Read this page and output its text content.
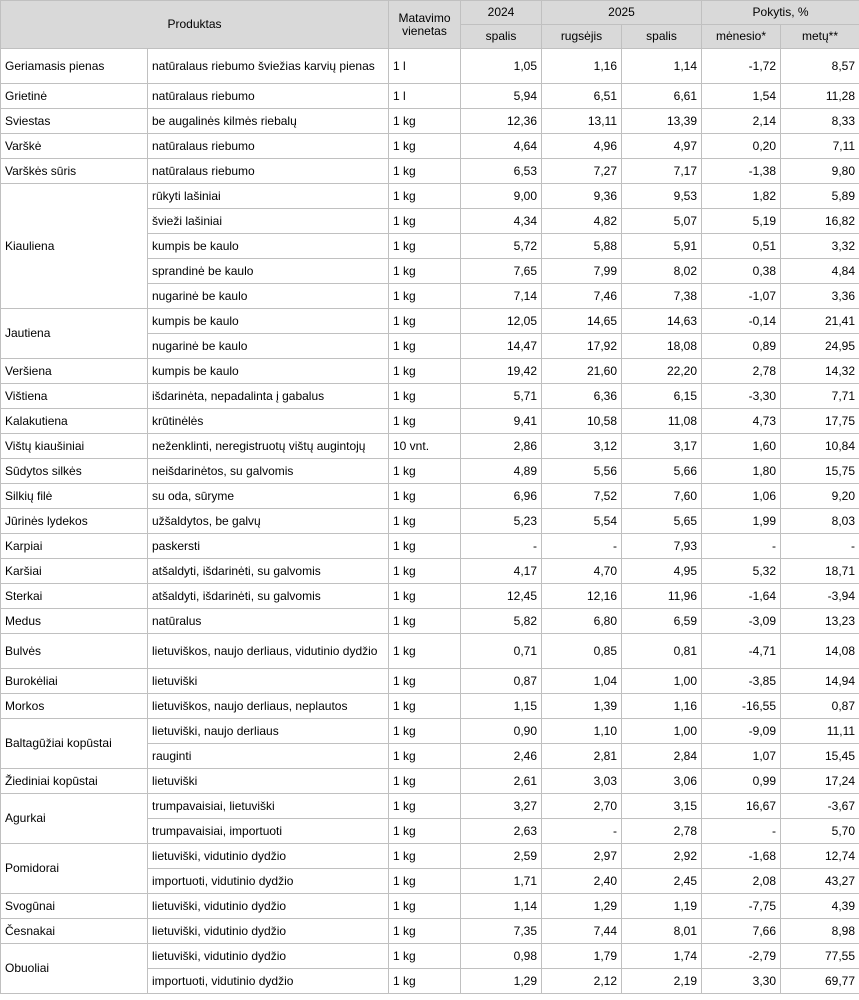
Produktas		Matavimo vienetas	2024	2025		Pokytis, %	
			spalis	rugsėjis	spalis	mėnesio*	metų**
Geriamasis pienas	natūralaus riebumo šviežias karvių pienas	1 l	1,05	1,16	1,14	-1,72	8,57
Grietinė	natūralaus riebumo	1 l	5,94	6,51	6,61	1,54	11,28
Sviestas	be augalinės kilmės riebalų	1 kg	12,36	13,11	13,39	2,14	8,33
Varškė	natūralaus riebumo	1 kg	4,64	4,96	4,97	0,20	7,11
Varškės sūris	natūralaus riebumo	1 kg	6,53	7,27	7,17	-1,38	9,80
Kiauliena	rūkyti lašiniai	1 kg	9,00	9,36	9,53	1,82	5,89
	švieži lašiniai	1 kg	4,34	4,82	5,07	5,19	16,82
	kumpis be kaulo	1 kg	5,72	5,88	5,91	0,51	3,32
	sprandinė be kaulo	1 kg	7,65	7,99	8,02	0,38	4,84
	nugarinė be kaulo	1 kg	7,14	7,46	7,38	-1,07	3,36
Jautiena	kumpis be kaulo	1 kg	12,05	14,65	14,63	-0,14	21,41
	nugarinė be kaulo	1 kg	14,47	17,92	18,08	0,89	24,95
Veršiena	kumpis be kaulo	1 kg	19,42	21,60	22,20	2,78	14,32
Vištiena	išdarinėta, nepadalinta į gabalus	1 kg	5,71	6,36	6,15	-3,30	7,71
Kalakutiena	krūtinėlės	1 kg	9,41	10,58	11,08	4,73	17,75
Vištų kiaušiniai	neženklinti, neregistruotų vištų augintojų	10 vnt.	2,86	3,12	3,17	1,60	10,84
Sūdytos silkės	neišdarinėtos, su galvomis	1 kg	4,89	5,56	5,66	1,80	15,75
Silkių filė	su oda, sūryme	1 kg	6,96	7,52	7,60	1,06	9,20
Jūrinės lydekos	užšaldytos, be galvų	1 kg	5,23	5,54	5,65	1,99	8,03
Karpiai	paskersti	1 kg	-	-	7,93	-	-
Karšiai	atšaldyti, išdarinėti, su galvomis	1 kg	4,17	4,70	4,95	5,32	18,71
Sterkai	atšaldyti, išdarinėti, su galvomis	1 kg	12,45	12,16	11,96	-1,64	-3,94
Medus	natūralus	1 kg	5,82	6,80	6,59	-3,09	13,23
Bulvės	lietuviškos, naujo derliaus, vidutinio dydžio	1 kg	0,71	0,85	0,81	-4,71	14,08
Burokėliai	lietuviški	1 kg	0,87	1,04	1,00	-3,85	14,94
Morkos	lietuviškos, naujo derliaus, neplautos	1 kg	1,15	1,39	1,16	-16,55	0,87
Baltagūžiai kopūstai	lietuviški, naujo derliaus	1 kg	0,90	1,10	1,00	-9,09	11,11
	rauginti	1 kg	2,46	2,81	2,84	1,07	15,45
Žiediniai kopūstai	lietuviški	1 kg	2,61	3,03	3,06	0,99	17,24
Agurkai	trumpavaisiai, lietuviški	1 kg	3,27	2,70	3,15	16,67	-3,67
	trumpavaisiai, importuoti	1 kg	2,63	-	2,78	-	5,70
Pomidorai	lietuviški, vidutinio dydžio	1 kg	2,59	2,97	2,92	-1,68	12,74
	importuoti, vidutinio dydžio	1 kg	1,71	2,40	2,45	2,08	43,27
Svogūnai	lietuviški, vidutinio dydžio	1 kg	1,14	1,29	1,19	-7,75	4,39
Česnakai	lietuviški, vidutinio dydžio	1 kg	7,35	7,44	8,01	7,66	8,98
Obuoliai	lietuviški, vidutinio dydžio	1 kg	0,98	1,79	1,74	-2,79	77,55
	importuoti, vidutinio dydžio	1 kg	1,29	2,12	2,19	3,30	69,77
